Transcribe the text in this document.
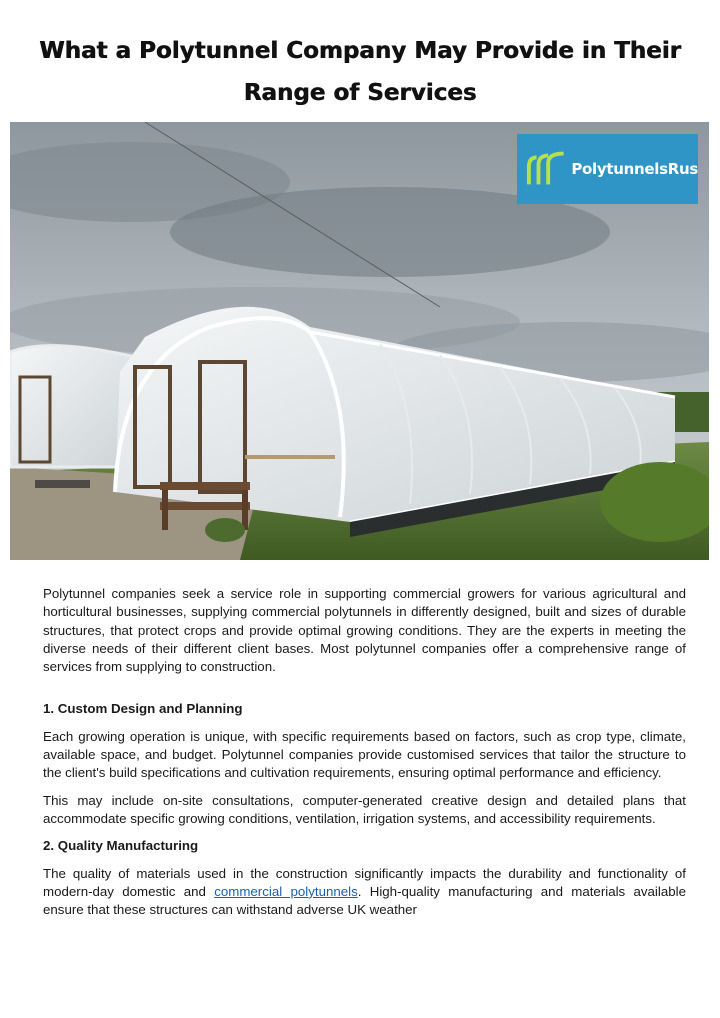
What a Polytunnel Company May Provide in Their Range of Services
PolytunnelsRus

Polytunnel companies seek a service role in supporting commercial growers for various agricultural and horticultural businesses, supplying commercial polytunnels in differently designed, built and sizes of durable structures, that protect crops and provide optimal growing conditions. They are the experts in meeting the diverse needs of their different client bases. Most polytunnel companies offer a comprehensive range of services from supplying to construction.

1. Custom Design and Planning

Each growing operation is unique, with specific requirements based on factors, such as crop type, climate, available space, and budget. Polytunnel companies provide customised services that tailor the structure to the client's build specifications and cultivation requirements, ensuring optimal performance and efficiency.

This may include on-site consultations, computer-generated creative design and detailed plans that accommodate specific growing conditions, ventilation, irrigation systems, and accessibility requirements.

2. Quality Manufacturing

The quality of materials used in the construction significantly impacts the durability and functionality of modern-day domestic and commercial polytunnels. High-quality manufacturing and materials available ensure that these structures can withstand adverse UK weather
